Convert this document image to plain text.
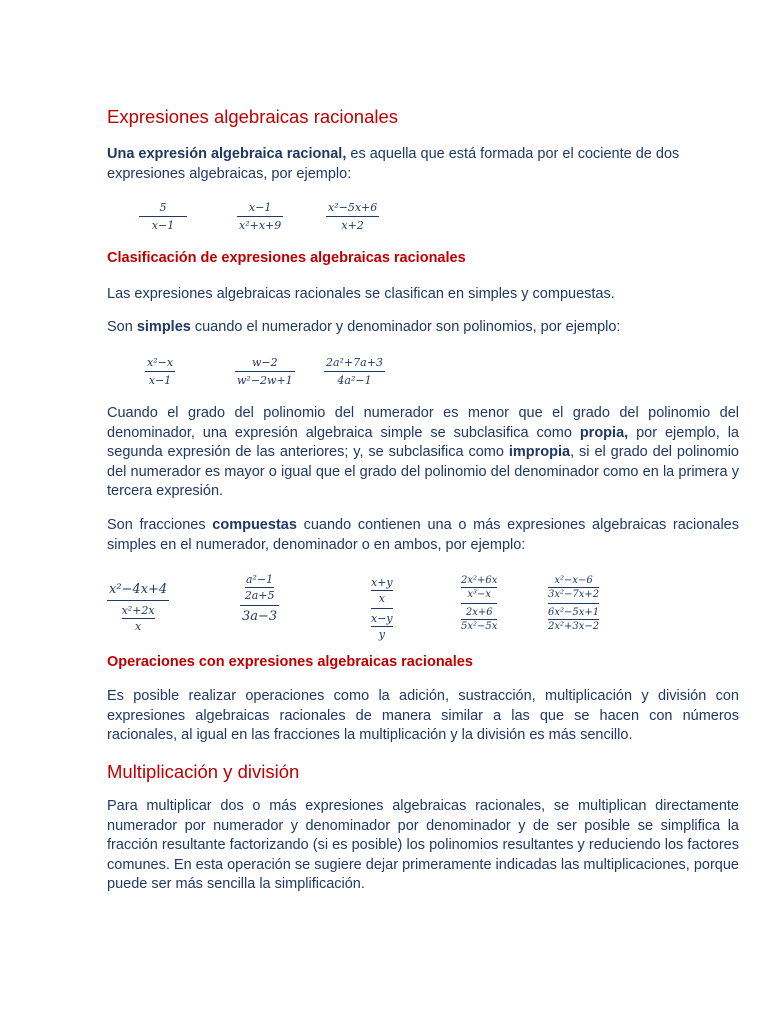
Expresiones algebraicas racionales

Una expresión algebraica racional, es aquella que está formada por el cociente de dos expresiones algebraicas, por ejemplo:

5
x−1
x−1
x²+x+9
x²−5x+6
x+2
Clasificación de expresiones algebraicas racionales

Las expresiones algebraicas racionales se clasifican en simples y compuestas.

Son simples cuando el numerador y denominador son polinomios, por ejemplo:

x²−x
x−1
w−2
w²−2w+1
2a²+7a+3
4a²−1

Cuando el grado del polinomio del numerador es menor que el grado del polinomio del denominador, una expresión algebraica simple se subclasifica como propia, por ejemplo, la segunda expresión de las anteriores; y, se subclasifica como impropia, si el grado del polinomio del numerador es mayor o igual que el grado del polinomio del denominador como en la primera y tercera expresión.

Son fracciones compuestas cuando contienen una o más expresiones algebraicas racionales simples en el numerador, denominador o en ambos, por ejemplo:

x²−4x+4
x²+2x
x
a²−1
2a+5
3a−3
x+y
x
x−y
y
2x²+6x
x³−x
2x+6
5x²−5x
x²−x−6
3x²−7x+2
6x²−5x+1
2x²+3x−2
Operaciones con expresiones algebraicas racionales

Es posible realizar operaciones como la adición, sustracción, multiplicación y división con expresiones algebraicas racionales de manera similar a las que se hacen con números racionales, al igual en las fracciones la multiplicación y la división es más sencillo.

Multiplicación y división

Para multiplicar dos o más expresiones algebraicas racionales, se multiplican directamente numerador por numerador y denominador por denominador y de ser posible se simplifica la fracción resultante factorizando (si es posible) los polinomios resultantes y reduciendo los factores comunes. En esta operación se sugiere dejar primeramente indicadas las multiplicaciones, porque puede ser más sencilla la simplificación.
